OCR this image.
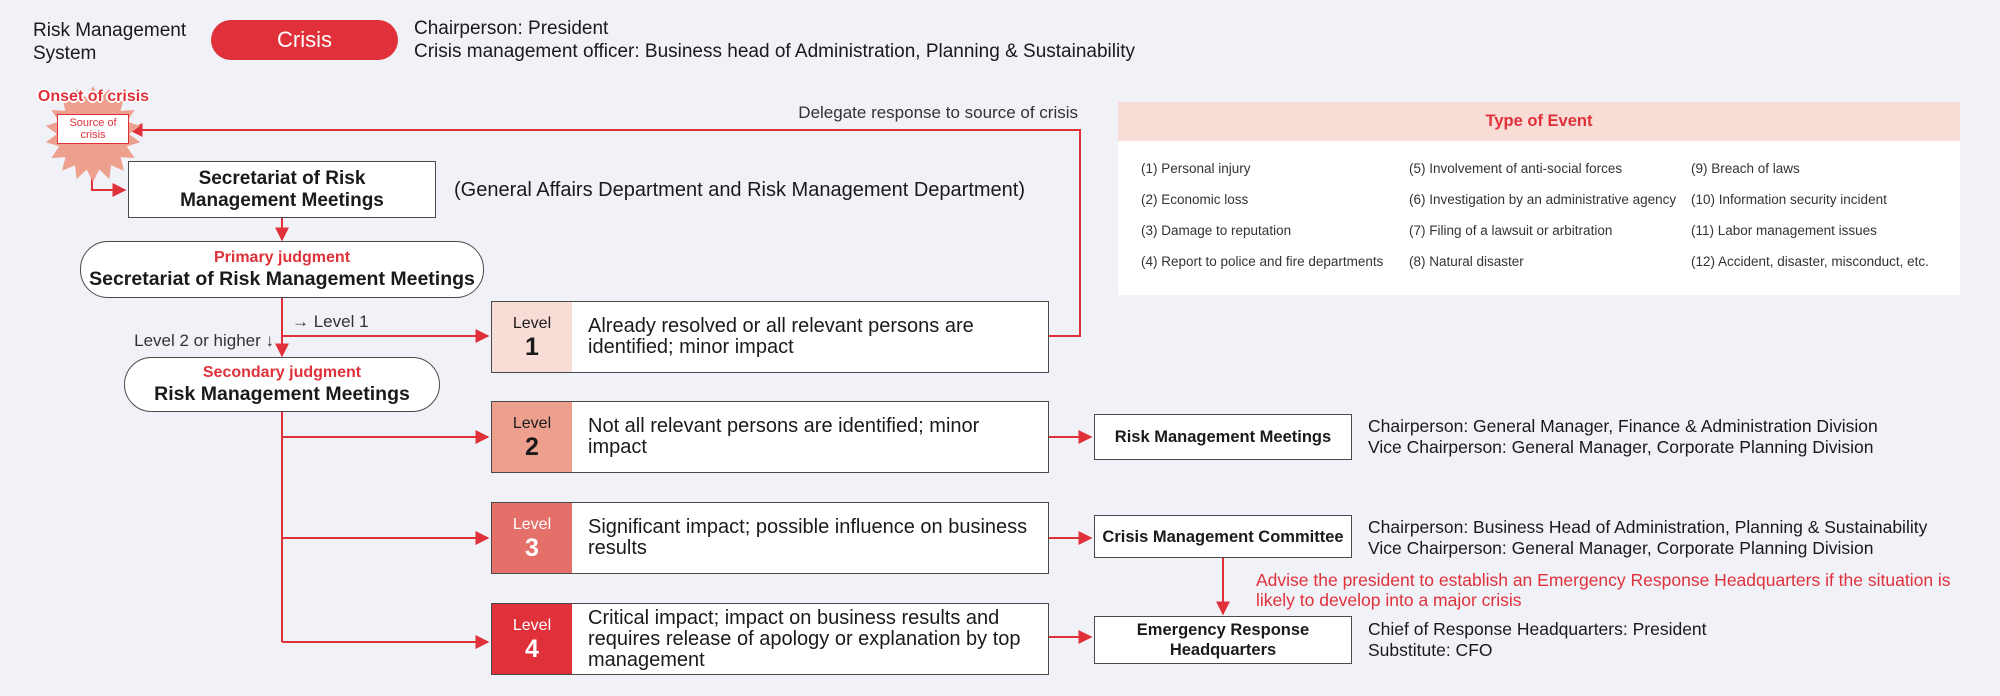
Risk Management
System
Crisis	Chairperson: President
Crisis management officer: Business head of Administration, Planning & Sustainability
Onset of crisis
Source of
crisis
Delegate response to source of crisis
Secretariat of Risk
Management Meetings	(General Affairs Department and Risk Management Department)
Primary judgment
Secretariat of Risk Management Meetings
→ Level 1
Level 2 or higher ↓
Secondary judgment
Risk Management Meetings
Level
1
Already resolved or all relevant persons are identified; minor impact
Level
2
Not all relevant persons are identified; minor impact
Level
3
Significant impact; possible influence on business results
Level
4
Critical impact; impact on business results and requires release of apology or explanation by top management
Risk Management Meetings
Chairperson: General Manager, Finance & Administration Division
Vice Chairperson: General Manager, Corporate Planning Division
Crisis Management Committee	Chairperson: Business Head of Administration, Planning & Sustainability
Vice Chairperson: General Manager, Corporate Planning Division
Advise the president to establish an Emergency Response Headquarters if the situation is likely to develop into a major crisis
Emergency Response Headquarters
Chief of Response Headquarters: President
Substitute: CFO
Type of Event
(1) Personal injury
(2) Economic loss
(3) Damage to reputation
(4) Report to police and fire departments
(5) Involvement of anti-social forces
(6) Investigation by an administrative agency
(7) Filing of a lawsuit or arbitration
(8) Natural disaster
(9) Breach of laws
(10) Information security incident
(11) Labor management issues
(12) Accident, disaster, misconduct, etc.
